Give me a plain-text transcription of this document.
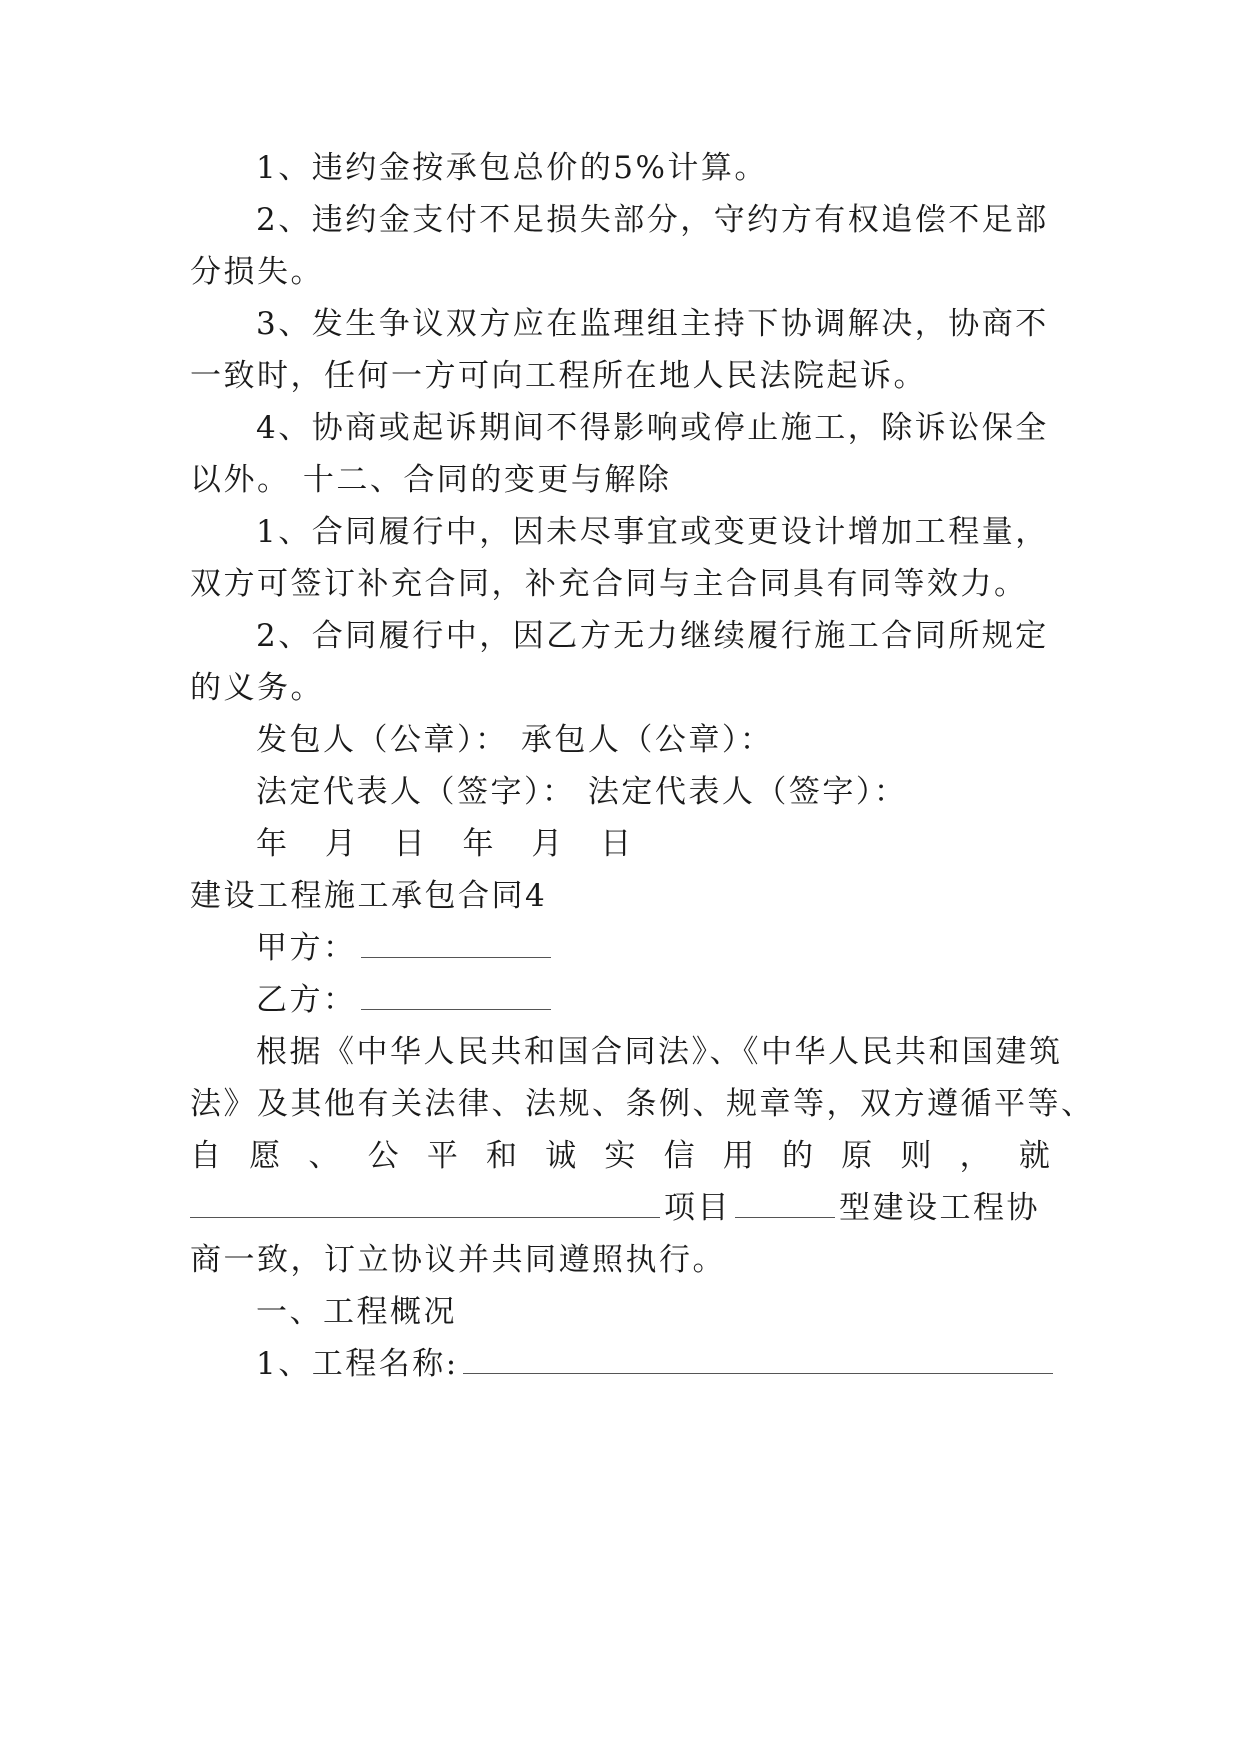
1、违约金按承包总价的5%计算。
2、违约金支付不足损失部分，守约方有权追偿不足部
分损失。
3、发生争议双方应在监理组主持下协调解决，协商不
一致时，任何一方可向工程所在地人民法院起诉。
4、协商或起诉期间不得影响或停止施工，除诉讼保全
以外。 十二、合同的变更与解除
1、合同履行中，因未尽事宜或变更设计增加工程量，
双方可签订补充合同，补充合同与主合同具有同等效力。
2、合同履行中，因乙方无力继续履行施工合同所规定
的义务。
发包人（公章）： 承包人（公章）：
法定代表人（签字）： 法定代表人（签字）：
年 月 日 年 月 日
建设工程施工承包合同4
甲方：
乙方：
根据《中华人民共和国合同法》、《中华人民共和国建筑
法》及其他有关法律、法规、条例、规章等，双方遵循平等、
自 愿 、 公 平 和 诚 实 信 用 的 原 则 ， 就
项目	型建设工程协
商一致，订立协议并共同遵照执行。
一、工程概况
1、工程名称:
